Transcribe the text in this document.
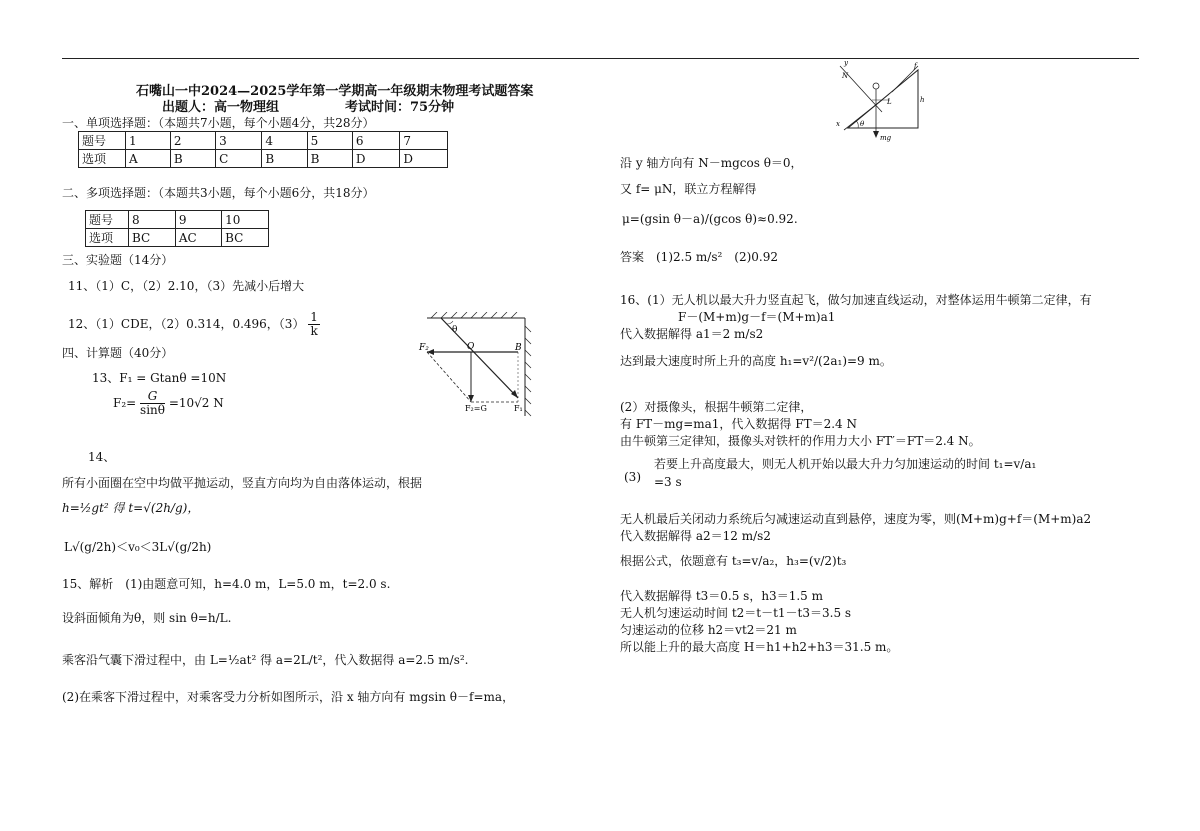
石嘴山一中2024—2025学年第一学期高一年级期末物理考试题答案
出题人：高一物理组	考试时间：75分钟
一、单项选择题：（本题共7小题，每个小题4分，共28分）
题号	1	2	3	4	5	6	7
选项	A	B	C	B	B	D	D
二、多项选择题：（本题共3小题，每个小题6分，共18分）
题号	8	9	10
选项	BC	AC	BC
三、实验题（14分）
11、（1）C，（2）2.10，（3）先减小后增大
12、（1）CDE，（2）0.314，0.496，$(3) \frac{1}{k}$
四、计算题（40分）
13、F₁ = Gtanθ =10N
$F_2= \frac{G}{\sin\theta} =10√2$ N
θ
F₂	O	B
F₂=G	F₁
14、
所有小面圈在空中均做平抛运动，竖直方向均为自由落体运动，根据
h=½gt² 得 t=√(2h/g)，
L√(g/2h)＜v₀＜3L√(g/2h)
15、解析　(1)由题意可知，h=4.0 m，L=5.0 m，t=2.0 s.
设斜面倾角为θ，则 sin θ=h/L.
乘客沿气囊下滑过程中，由 L=½at² 得 a=2L/t²，代入数据得 a=2.5 m/s².
(2)在乘客下滑过程中，对乘客受力分析如图所示，沿 x 轴方向有 mgsin θ－f=ma，
y
N
f
L	h
x	θ
mg
沿 y 轴方向有 N－mgcos θ＝0，
又 f= μN，联立方程解得
μ=(gsin θ－a)/(gcos θ)≈0.92.
答案　(1)2.5 m/s²　(2)0.92
16、(1）无人机以最大升力竖直起飞，做匀加速直线运动，对整体运用牛顿第二定律，有
F－(M+m)g－f＝(M+m)a1
代入数据解得 a1＝2 m/s2
达到最大速度时所上升的高度 h₁=v²/(2a₁)=9 m。
(2）对摄像头，根据牛顿第二定律，
有 FT－mg=ma1，代入数据得 FT＝2.4 N
由牛顿第三定律知，摄像头对铁杆的作用力大小 FT′＝FT＝2.4 N。
若要上升高度最大，则无人机开始以最大升力匀加速运动的时间 t₁=v/a₁
(3) =3 s
无人机最后关闭动力系统后匀减速运动直到悬停，速度为零，则(M+m)g+f＝(M+m)a2
代入数据解得 a2＝12 m/s2
根据公式，依题意有 t₃=v/a₂，h₃=(v/2)t₃
代入数据解得 t3＝0.5 s，h3＝1.5 m
无人机匀速运动时间 t2＝t－t1－t3＝3.5 s
匀速运动的位移 h2＝vt2＝21 m
所以能上升的最大高度 H＝h1+h2+h3＝31.5 m。
